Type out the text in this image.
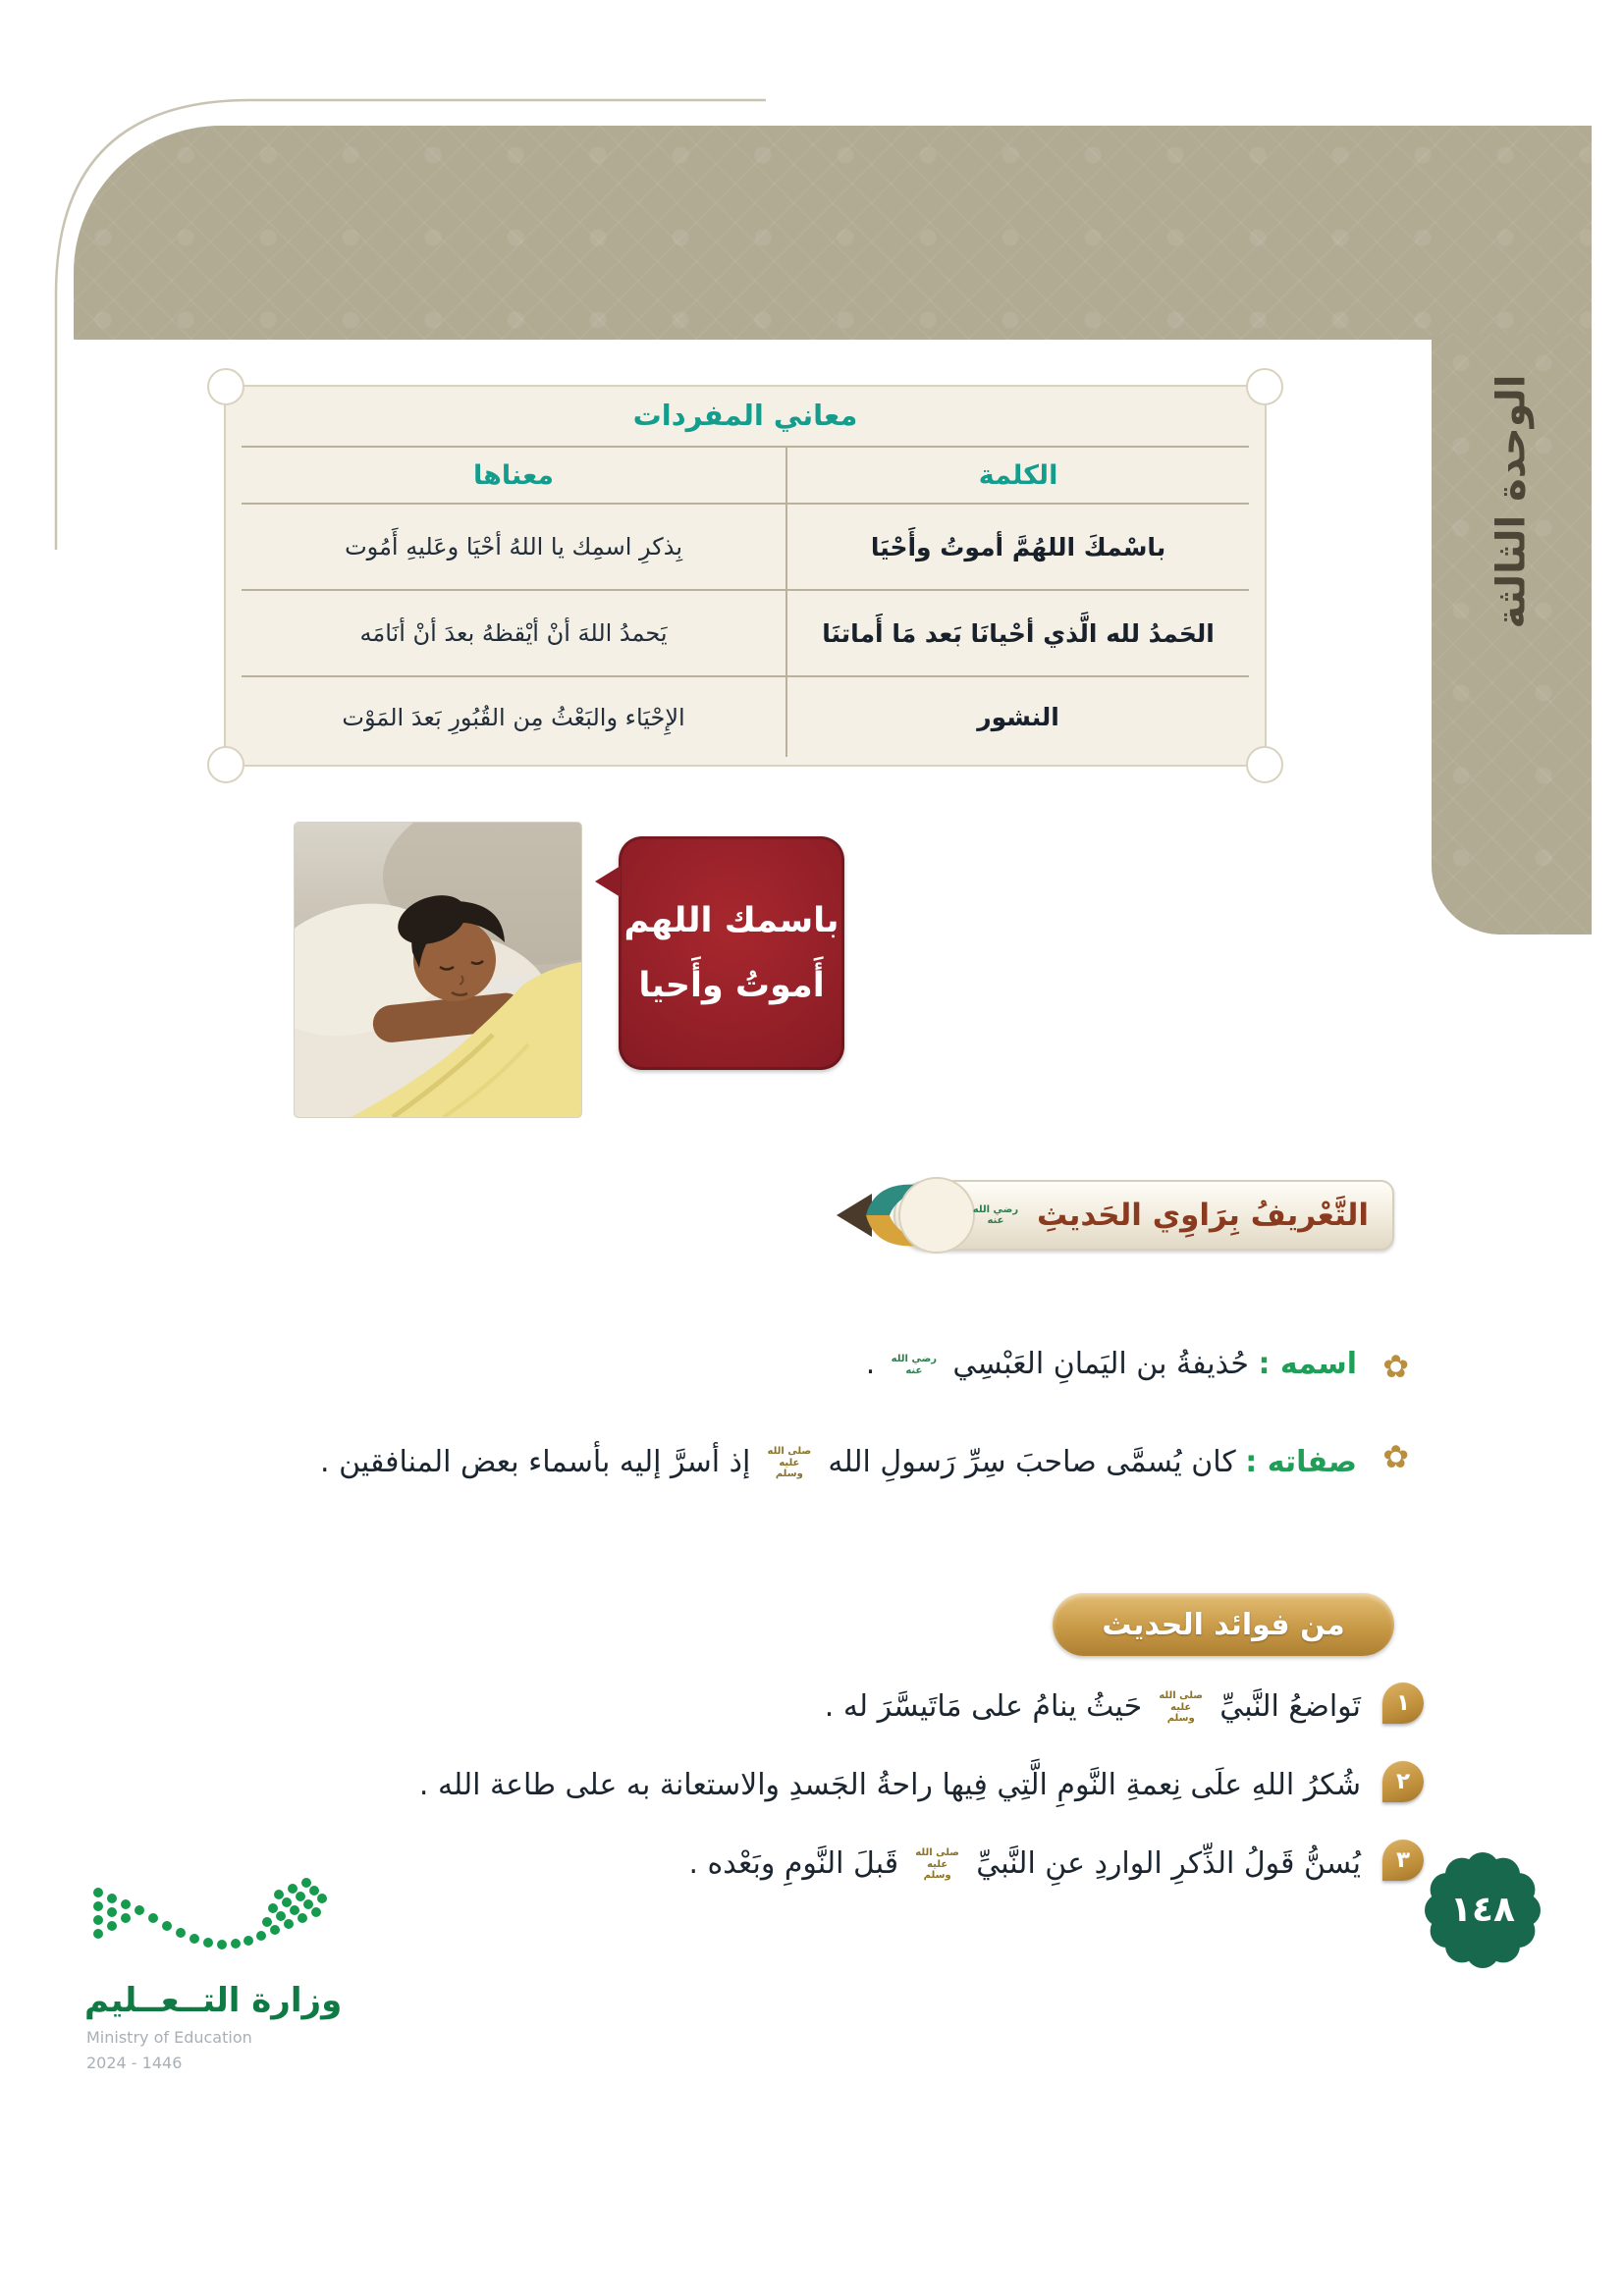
الوحدة الثالثة
معاني المفردات
الكلمة
معناها
باسْمكَ اللهُمَّ أموتُ وأَحْيَا
بِذكرِ اسمِك يا اللهُ أحْيَا وعَليهِ أَمُوت
الحَمدُ لله الَّذي أحْيانَا بَعد مَا أَماتنَا
يَحمدُ اللهَ أنْ أيْقظهُ بعدَ أنْ أنَامَه
النشور
الإِحْيَاء والبَعْثُ مِن القُبُورِ بَعدَ المَوْت
باسمك اللهم
أَموتُ وأَحيا
التَّعْريفُ بِرَاوِي الحَديثِ
رضي الله عنه
✿
اسمه : حُذيفةُ بن اليَمانِ العَبْسِي رضي الله عنه .
✿
صفاته : كان يُسمَّى صاحبَ سِرِّ رَسولِ الله صلى الله عليه وسلم إذ أسرَّ إليه بأسماء بعض المنافقين .
من فوائد الحديث
١
تَواضعُ النَّبيِّ صلى الله عليه وسلم حَيثُ ينامُ على مَاتَيسَّرَ له .
٢
شُكرُ اللهِ علَى نِعمةِ النَّومِ الَّتِي فِيها راحةُ الجَسدِ والاستعانة به على طاعة الله .
٣
يُسنُّ قَولُ الذِّكرِ الواردِ عنِ النَّبيِّ صلى الله عليه وسلم قَبلَ النَّومِ وبَعْده .
وزارة التــعــليم
Ministry of Education
2024 - 1446
١٤٨
